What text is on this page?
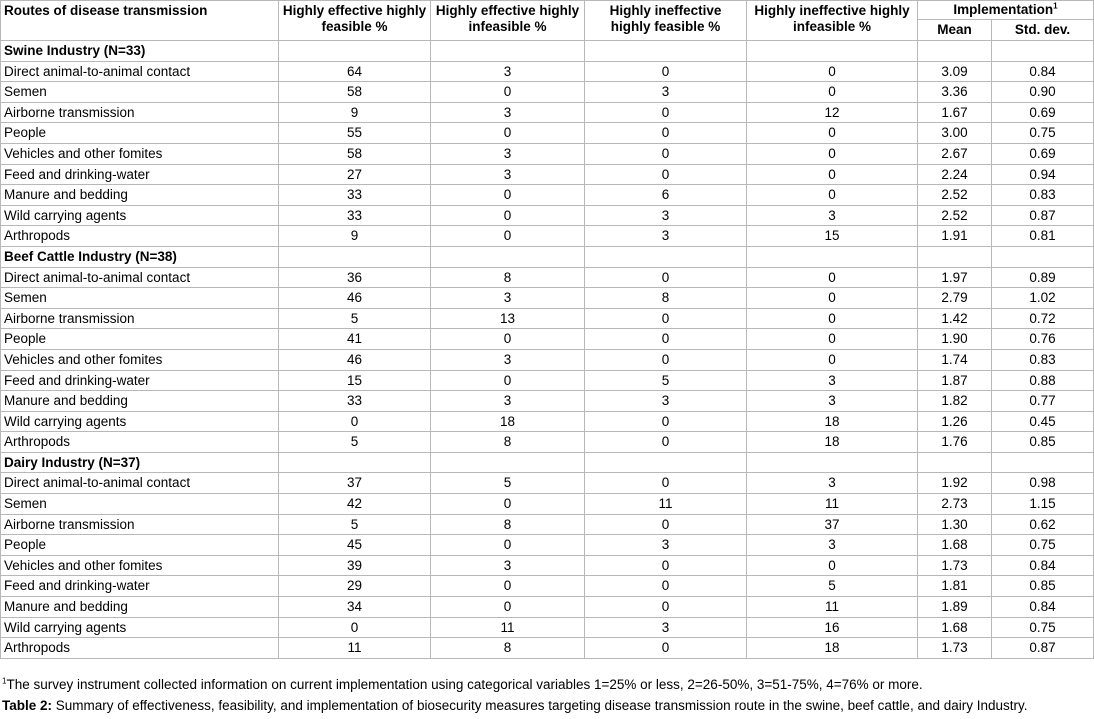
Routes of disease transmission	Highly effective highly feasible %	Highly effective highly infeasible %	Highly ineffective highly feasible %	Highly ineffective highly infeasible %	Implementation$^1$
					Mean	Std. dev.
Swine Industry (N=33)						
Direct animal-to-animal contact	64	3	0	0	3.09	0.84
Semen	58	0	3	0	3.36	0.90
Airborne transmission	9	3	0	12	1.67	0.69
People	55	0	0	0	3.00	0.75
Vehicles and other fomites	58	3	0	0	2.67	0.69
Feed and drinking-water	27	3	0	0	2.24	0.94
Manure and bedding	33	0	6	0	2.52	0.83
Wild carrying agents	33	0	3	3	2.52	0.87
Arthropods	9	0	3	15	1.91	0.81
Beef Cattle Industry (N=38)						
Direct animal-to-animal contact	36	8	0	0	1.97	0.89
Semen	46	3	8	0	2.79	1.02
Airborne transmission	5	13	0	0	1.42	0.72
People	41	0	0	0	1.90	0.76
Vehicles and other fomites	46	3	0	0	1.74	0.83
Feed and drinking-water	15	0	5	3	1.87	0.88
Manure and bedding	33	3	3	3	1.82	0.77
Wild carrying agents	0	18	0	18	1.26	0.45
Arthropods	5	8	0	18	1.76	0.85
Dairy Industry (N=37)						
Direct animal-to-animal contact	37	5	0	3	1.92	0.98
Semen	42	0	11	11	2.73	1.15
Airborne transmission	5	8	0	37	1.30	0.62
People	45	0	3	3	1.68	0.75
Vehicles and other fomites	39	3	0	0	1.73	0.84
Feed and drinking-water	29	0	0	5	1.81	0.85
Manure and bedding	34	0	0	11	1.89	0.84
Wild carrying agents	0	11	3	16	1.68	0.75
Arthropods	11	8	0	18	1.73	0.87
$^1$The survey instrument collected information on current implementation using categorical variables 1=25% or less, 2=26-50%, 3=51-75%, 4=76% or more.
Table 2: Summary of effectiveness, feasibility, and implementation of biosecurity measures targeting disease transmission route in the swine, beef cattle, and dairy Industry.
